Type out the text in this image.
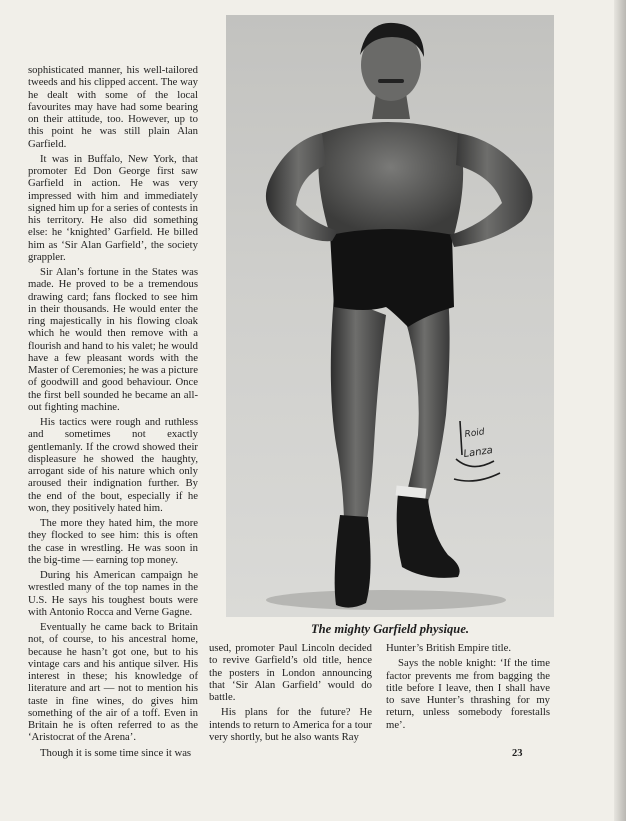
sophisticated manner, his well-tailored tweeds and his clipped accent. The way he dealt with some of the local favourites may have had some bearing on their attitude, too. However, up to this point he was still plain Alan Garfield.

It was in Buffalo, New York, that promoter Ed Don George first saw Garfield in action. He was very impressed with him and immediately signed him up for a series of contests in his territory. He also did something else: he ‘knighted’ Garfield. He billed him as ‘Sir Alan Garfield’, the society grappler.

Sir Alan’s fortune in the States was made. He proved to be a tremendous drawing card; fans flocked to see him in their thousands. He would enter the ring majestically in his flowing cloak which he would then remove with a flourish and hand to his valet; he would have a few pleasant words with the Master of Ceremonies; he was a picture of goodwill and good behaviour. Once the first bell sounded he became an all-out fighting machine.

His tactics were rough and ruthless and sometimes not exactly gentlemanly. If the crowd showed their displeasure he showed the haughty, arrogant side of his nature which only aroused their indignation further. By the end of the bout, especially if he won, they positively hated him.

The more they hated him, the more they flocked to see him: this is often the case in wrestling. He was soon in the big-time — earning top money.

During his American campaign he wrestled many of the top names in the U.S. He says his toughest bouts were with Antonio Rocca and Verne Gagne.

Eventually he came back to Britain not, of course, to his ancestral home, because he hasn’t got one, but to his vintage cars and his antique silver. His interest in these; his knowledge of literature and art — not to mention his taste in fine wines, do gives him something of the air of a toff. Even in Britain he is often referred to as the ‘Aristocrat of the Arena’.

Though it is some time since it was

Roid
Lanza
The mighty Garfield physique.

used, promoter Paul Lincoln decided to revive Garfield’s old title, hence the posters in London announcing that ‘Sir Alan Garfield’ would do battle.

His plans for the future? He intends to return to America for a tour very shortly, but he also wants Ray

Hunter’s British Empire title.

Says the noble knight: ‘If the time factor prevents me from bagging the title before I leave, then I shall have to save Hunter’s thrashing for my return, unless somebody forestalls me’.

23
